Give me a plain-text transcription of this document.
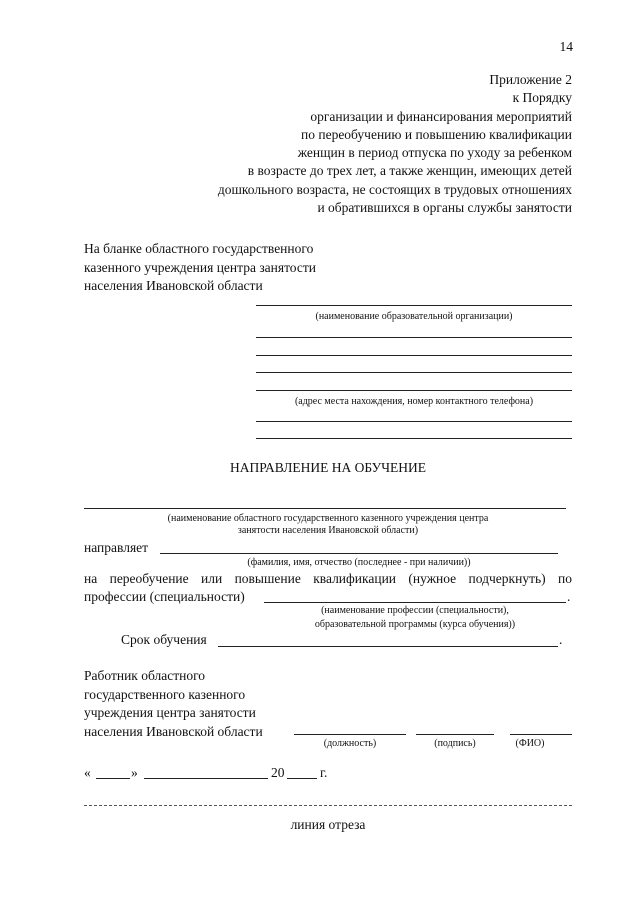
14
Приложение 2
к Порядку
организации и финансирования мероприятий
по переобучению и повышению квалификации
женщин в период отпуска по уходу за ребенком
в возрасте до трех лет, а также женщин, имеющих детей
дошкольного возраста, не состоящих в трудовых отношениях
и обратившихся в органы службы занятости
На бланке областного государственного
казенного учреждения центра занятости
населения Ивановской области
(наименование образовательной организации)
(адрес места нахождения, номер контактного телефона)
НАПРАВЛЕНИЕ НА ОБУЧЕНИЕ
(наименование областного государственного казенного учреждения центра
занятости населения Ивановской области)
направляет
(фамилия, имя, отчество (последнее - при наличии))
на переобучение или повышение квалификации (нужное подчеркнуть) по
профессии (специальности)	.
(наименование профессии (специальности),
образовательной программы (курса обучения))
Срок обучения	.
Работник областного
государственного казенного
учреждения центра занятости
населения Ивановской области
(должность)	(подпись)	(ФИО)
«	»	20	г.
линия отреза
